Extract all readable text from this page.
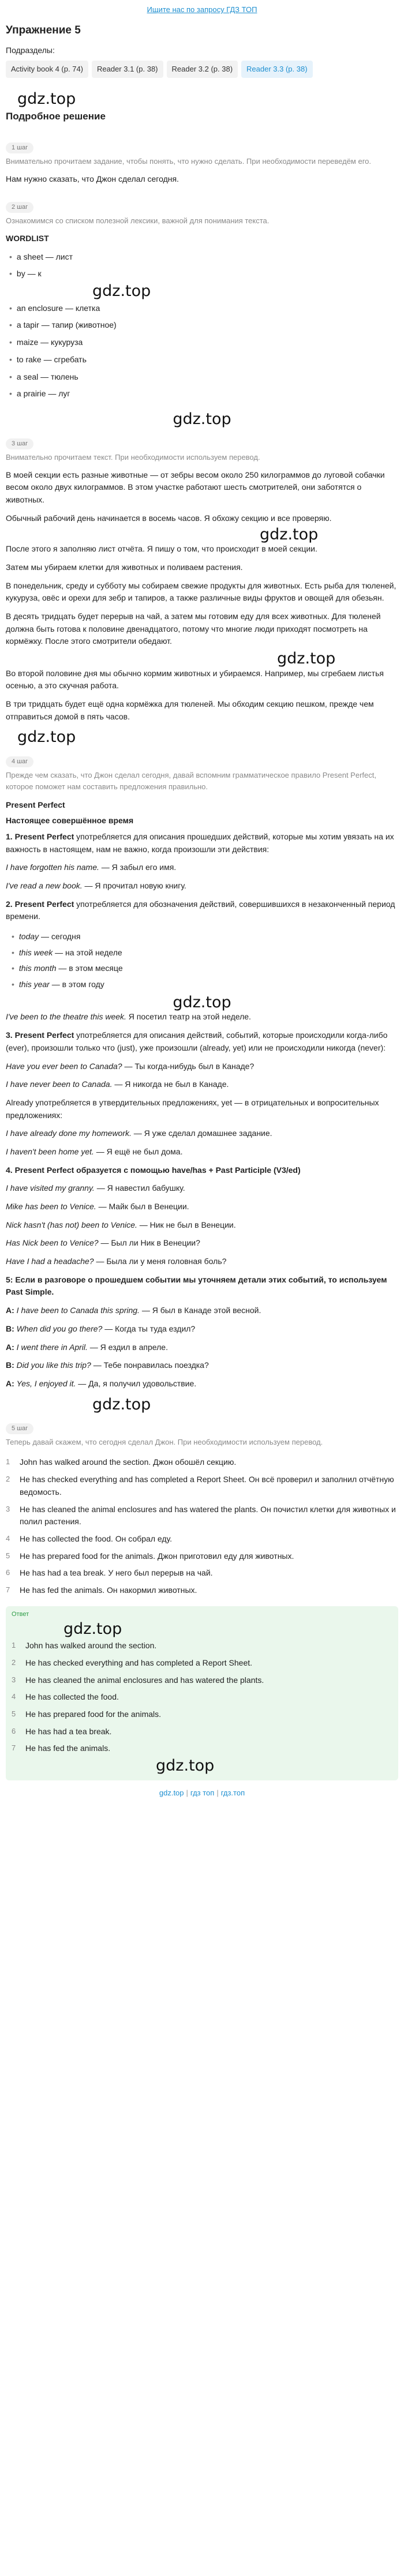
Ищите нас по запросу ГДЗ ТОП
Упражнение 5
Подразделы:
Activity book 4 (p. 74)	Reader 3.1 (p. 38)	Reader 3.2 (p. 38)	Reader 3.3 (p. 38)
gdz.top
Подробное решение
1 шаг
Внимательно прочитаем задание, чтобы понять, что нужно сделать. При необходимости переведём его.

Нам нужно сказать, что Джон сделал сегодня.

2 шаг
Ознакомимся со списком полезной лексики, важной для понимания текста.
WORDLIST
• a sheet — лист
• by — к
gdz.top
• an enclosure — клетка
• a tapir — тапир (животное)
• maize — кукуруза
• to rake — сгребать
• a seal — тюлень
• a prairie — луг
gdz.top
3 шаг
Внимательно прочитаем текст. При необходимости используем перевод.

В моей секции есть разные животные — от зебры весом около 250 килограммов до луговой собачки весом около двух килограммов. В этом участке работают шесть смотрителей, они заботятся о животных.

Обычный рабочий день начинается в восемь часов. Я обхожу секцию и все проверяю.

gdz.top

После этого я заполняю лист отчёта. Я пишу о том, что происходит в моей секции.

Затем мы убираем клетки для животных и поливаем растения.

В понедельник, среду и субботу мы собираем свежие продукты для животных. Есть рыба для тюленей, кукуруза, овёс и орехи для зебр и тапиров, а также различные виды фруктов и овощей для обезьян.

В десять тридцать будет перерыв на чай, а затем мы готовим еду для всех животных. Для тюленей должна быть готова к половине двенадцатого, потому что многие люди приходят посмотреть на кормёжку. После этого смотрители обедают.

gdz.top

Во второй половине дня мы обычно кормим животных и убираемся. Например, мы сгребаем листья осенью, а это скучная работа.

В три тридцать будет ещё одна кормёжка для тюленей. Мы обходим секцию пешком, прежде чем отправиться домой в пять часов.

gdz.top
4 шаг
Прежде чем сказать, что Джон сделал сегодня, давай вспомним грамматическое правило Present Perfect, которое поможет нам составить предложения правильно.
Present Perfect
Настоящее совершённое время

1. Present Perfect употребляется для описания прошедших действий, которые мы хотим увязать на их важность в настоящем, нам не важно, когда произошли эти действия:

I have forgotten his name. — Я забыл его имя.

I've read a new book. — Я прочитал новую книгу.

2. Present Perfect употребляется для обозначения действий, совершившихся в незаконченный период времени.

• today — сегодня
• this week — на этой неделе
• this month — в этом месяце
• this year — в этом году
gdz.top

I've been to the theatre this week. Я посетил театр на этой неделе.

3. Present Perfect употребляется для описания действий, событий, которые происходили когда-либо (ever), произошли только что (just), уже произошли (already, yet) или не происходили никогда (never):

Have you ever been to Canada? — Ты когда-нибудь был в Канаде?

I have never been to Canada. — Я никогда не был в Канаде.

Already употребляется в утвердительных предложениях, yet — в отрицательных и вопросительных предложениях:

I have already done my homework. — Я уже сделал домашнее задание.

I haven't been home yet. — Я ещё не был дома.

4. Present Perfect образуется с помощью have/has + Past Participle (V3/ed)

I have visited my granny. — Я навестил бабушку.

Mike has been to Venice. — Майк был в Венеции.

Nick hasn't (has not) been to Venice. — Ник не был в Венеции.

Has Nick been to Venice? — Был ли Ник в Венеции?

Have I had a headache? — Была ли у меня головная боль?

5: Если в разговоре о прошедшем событии мы уточняем детали этих событий, то используем Past Simple.

A: I have been to Canada this spring. — Я был в Канаде этой весной.

B: When did you go there? — Когда ты туда ездил?

A: I went there in April. — Я ездил в апреле.

B: Did you like this trip? — Тебе понравилась поездка?

A: Yes, I enjoyed it. — Да, я получил удовольствие.

gdz.top
5 шаг
Теперь давай скажем, что сегодня сделал Джон. При необходимости используем перевод.
1	John has walked around the section. Джон обошёл секцию.
2	He has checked everything and has completed a Report Sheet. Он всё проверил и заполнил отчётную ведомость.
3	He has cleaned the animal enclosures and has watered the plants. Он почистил клетки для животных и полил растения.
4	He has collected the food. Он собрал еду.
5	He has prepared food for the animals. Джон приготовил еду для животных.
6	He has had a tea break. У него был перерыв на чай.
7	He has fed the animals. Он накормил животных.
Ответ
gdz.top
1	John has walked around the section.
2	He has checked everything and has completed a Report Sheet.
3	He has cleaned the animal enclosures and has watered the plants.
4	He has collected the food.
5	He has prepared food for the animals.
6	He has had a tea break.
7	He has fed the animals.
gdz.top
gdz.top | гдз топ | гдз.топ
